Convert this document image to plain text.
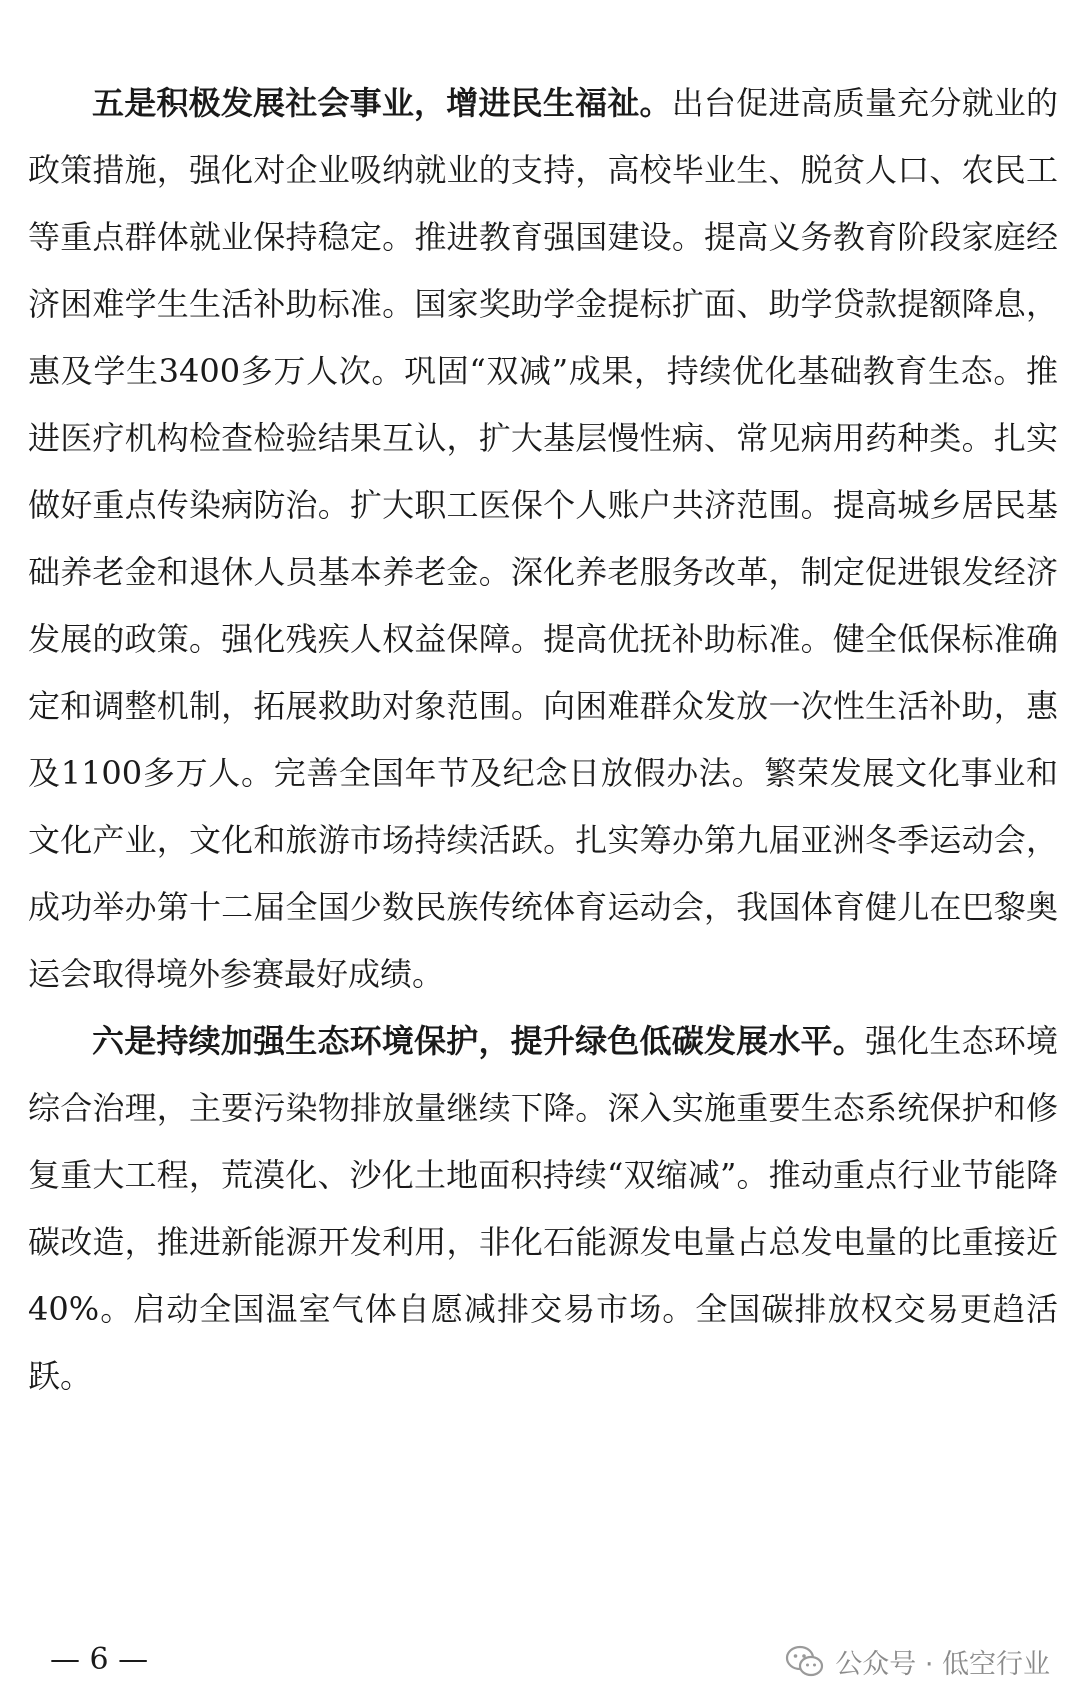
五是积极发展社会事业，增进民生福祉。出台促进高质量充分就业的政策措施，强化对企业吸纳就业的支持，高校毕业生、脱贫人口、农民工等重点群体就业保持稳定。推进教育强国建设。提高义务教育阶段家庭经济困难学生生活补助标准。国家奖助学金提标扩面、助学贷款提额降息，惠及学生3400多万人次。巩固“双减”成果，持续优化基础教育生态。推进医疗机构检查检验结果互认，扩大基层慢性病、常见病用药种类。扎实做好重点传染病防治。扩大职工医保个人账户共济范围。提高城乡居民基础养老金和退休人员基本养老金。深化养老服务改革，制定促进银发经济发展的政策。强化残疾人权益保障。提高优抚补助标准。健全低保标准确定和调整机制，拓展救助对象范围。向困难群众发放一次性生活补助，惠及1100多万人。完善全国年节及纪念日放假办法。繁荣发展文化事业和文化产业，文化和旅游市场持续活跃。扎实筹办第九届亚洲冬季运动会，成功举办第十二届全国少数民族传统体育运动会，我国体育健儿在巴黎奥运会取得境外参赛最好成绩。

六是持续加强生态环境保护，提升绿色低碳发展水平。强化生态环境综合治理，主要污染物排放量继续下降。深入实施重要生态系统保护和修复重大工程，荒漠化、沙化土地面积持续“双缩减”。推动重点行业节能降碳改造，推进新能源开发利用，非化石能源发电量占总发电量的比重接近40%。启动全国温室气体自愿减排交易市场。全国碳排放权交易更趋活跃。

— 6 —	公众号 · 低空行业
